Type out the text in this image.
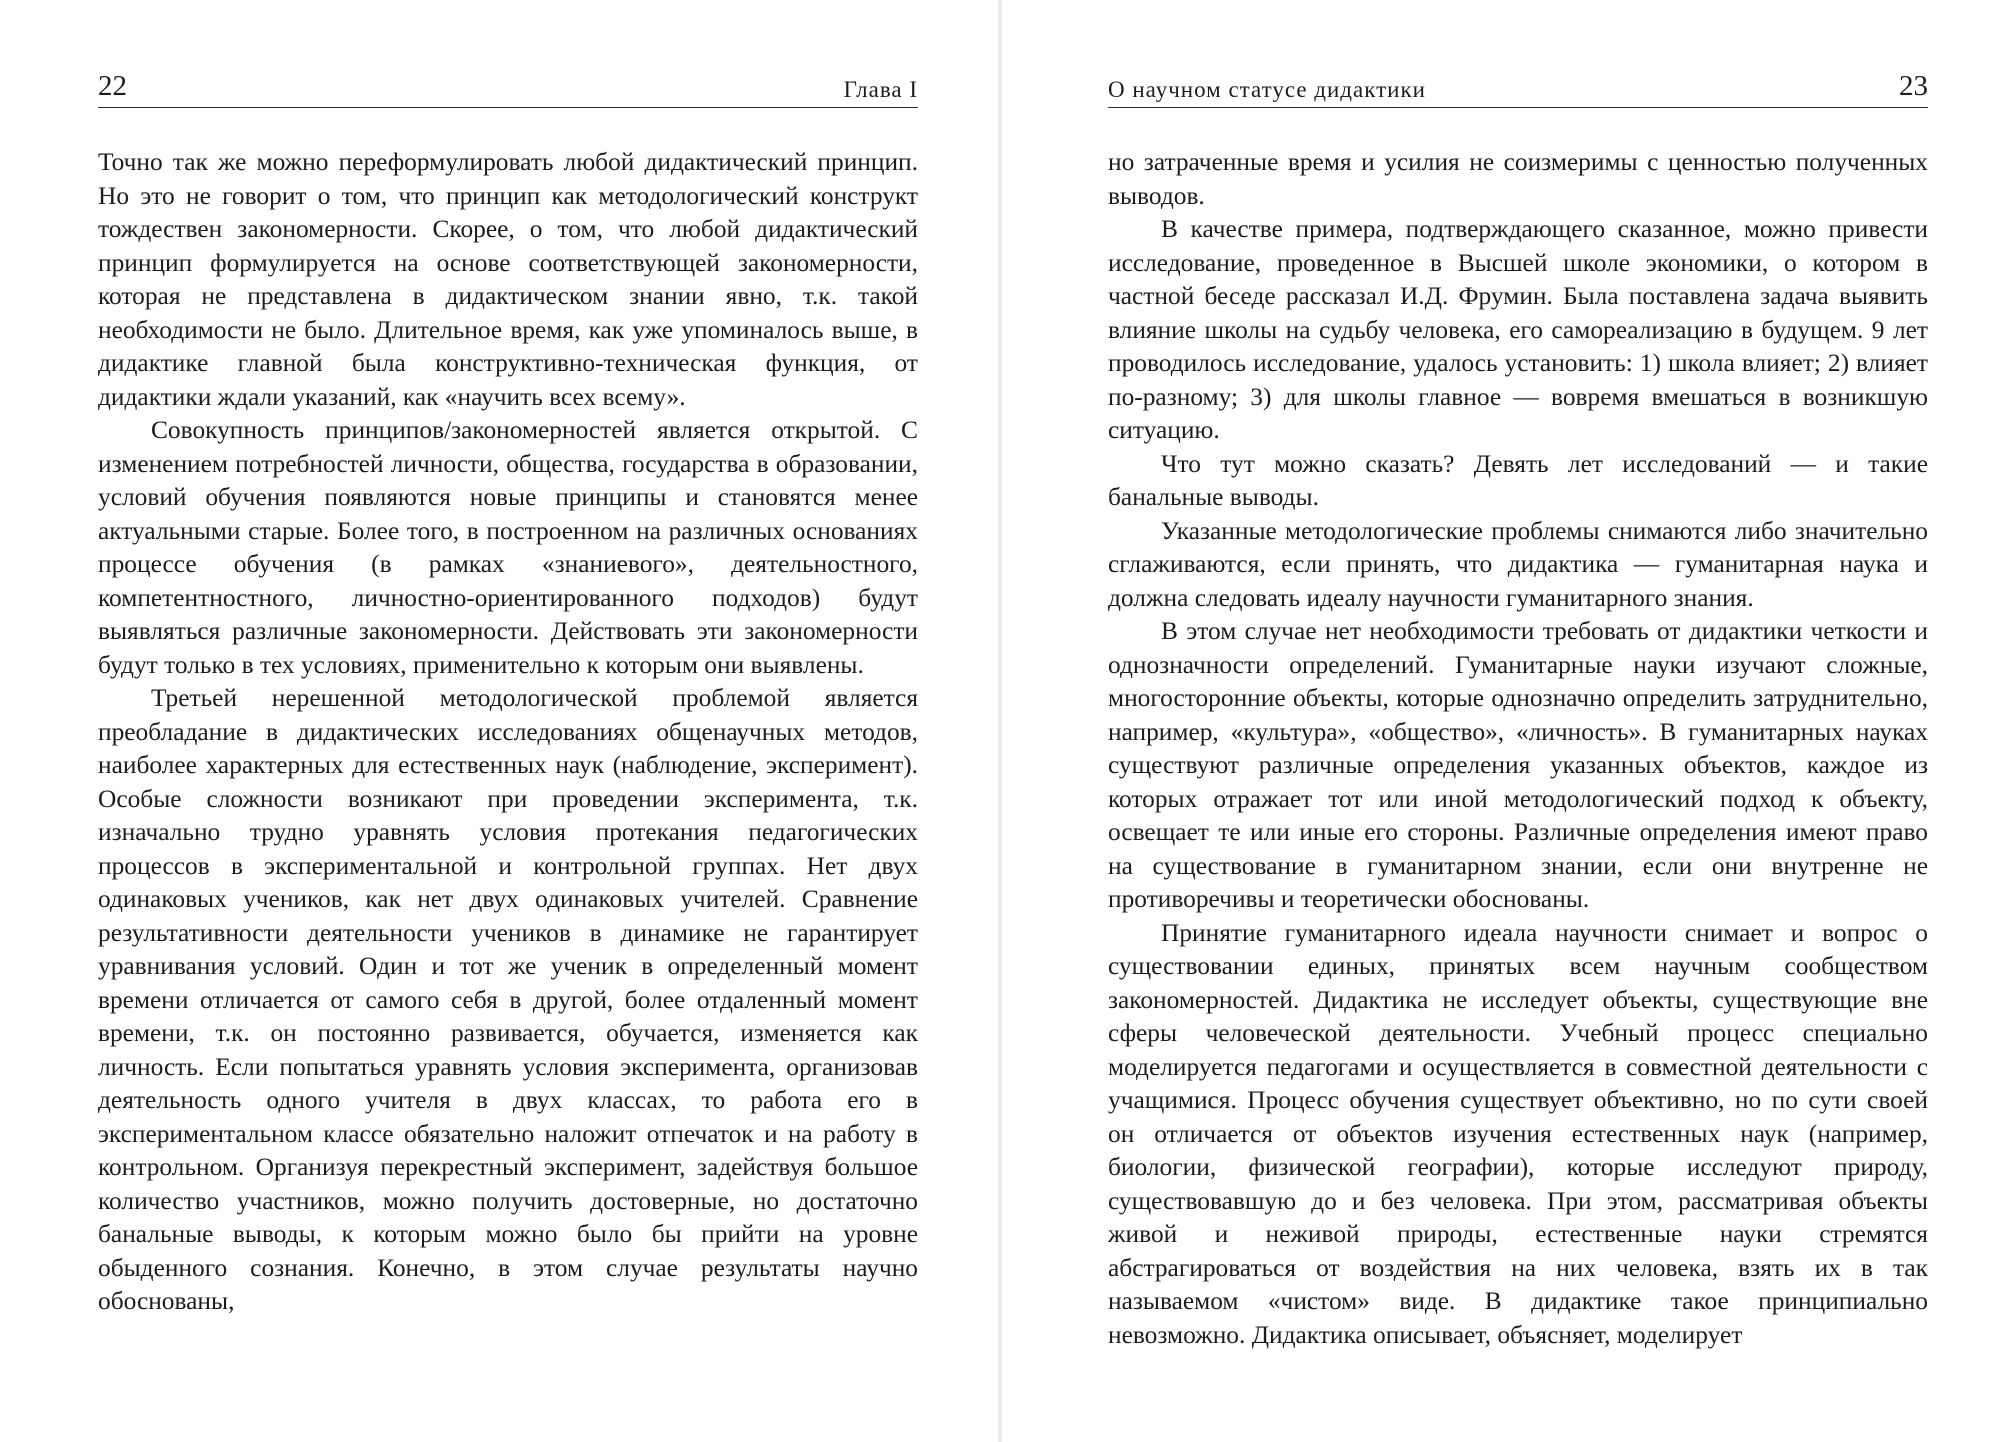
22	Глава I

Точно так же можно переформулировать любой дидактический принцип. Но это не говорит о том, что принцип как методологический конструкт тождествен закономерности. Скорее, о том, что любой дидактический принцип формулируется на основе соответствующей закономерности, которая не представлена в дидактическом знании явно, т.к. такой необходимости не было. Длительное время, как уже упоминалось выше, в дидактике главной была конструктивно-техническая функция, от дидактики ждали указаний, как «научить всех всему».

Совокупность принципов/закономерностей является открытой. С изменением потребностей личности, общества, государства в образовании, условий обучения появляются новые принципы и становятся менее актуальными старые. Более того, в построенном на различных основаниях процессе обучения (в рамках «знаниевого», деятельностного, компетентностного, личностно-ориентированного подходов) будут выявляться различные закономерности. Действовать эти закономерности будут только в тех условиях, применительно к которым они выявлены.

Третьей нерешенной методологической проблемой является преобладание в дидактических исследованиях общенаучных методов, наиболее характерных для естественных наук (наблюдение, эксперимент). Особые сложности возникают при проведении эксперимента, т.к. изначально трудно уравнять условия протекания педагогических процессов в экспериментальной и контрольной группах. Нет двух одинаковых учеников, как нет двух одинаковых учителей. Сравнение результативности деятельности учеников в динамике не гарантирует уравнивания условий. Один и тот же ученик в определенный момент времени отличается от самого себя в другой, более отдаленный момент времени, т.к. он постоянно развивается, обучается, изменяется как личность. Если попытаться уравнять условия эксперимента, организовав деятельность одного учителя в двух классах, то работа его в экспериментальном классе обязательно наложит отпечаток и на работу в контрольном. Организуя перекрестный эксперимент, задействуя большое количество участников, можно получить достоверные, но достаточно банальные выводы, к которым можно было бы прийти на уровне обыденного сознания. Конечно, в этом случае результаты научно обоснованы,

О научном статусе дидактики	23

но затраченные время и усилия не соизмеримы с ценностью полученных выводов.

В качестве примера, подтверждающего сказанное, можно привести исследование, проведенное в Высшей школе экономики, о котором в частной беседе рассказал И.Д. Фрумин. Была поставлена задача выявить влияние школы на судьбу человека, его самореализацию в будущем. 9 лет проводилось исследование, удалось установить: 1) школа влияет; 2) влияет по-разному; 3) для школы главное — вовремя вмешаться в возникшую ситуацию.

Что тут можно сказать? Девять лет исследований — и такие банальные выводы.

Указанные методологические проблемы снимаются либо значительно сглаживаются, если принять, что дидактика — гуманитарная наука и должна следовать идеалу научности гуманитарного знания.

В этом случае нет необходимости требовать от дидактики четкости и однозначности определений. Гуманитарные науки изучают сложные, многосторонние объекты, которые однозначно определить затруднительно, например, «культура», «общество», «личность». В гуманитарных науках существуют различные определения указанных объектов, каждое из которых отражает тот или иной методологический подход к объекту, освещает те или иные его стороны. Различные определения имеют право на существование в гуманитарном знании, если они внутренне не противоречивы и теоретически обоснованы.

Принятие гуманитарного идеала научности снимает и вопрос о существовании единых, принятых всем научным сообществом закономерностей. Дидактика не исследует объекты, существующие вне сферы человеческой деятельности. Учебный процесс специально моделируется педагогами и осуществляется в совместной деятельности с учащимися. Процесс обучения существует объективно, но по сути своей он отличается от объектов изучения естественных наук (например, биологии, физической географии), которые исследуют природу, существовавшую до и без человека. При этом, рассматривая объекты живой и неживой природы, естественные науки стремятся абстрагироваться от воздействия на них человека, взять их в так называемом «чистом» виде. В дидактике такое принципиально невозможно. Дидактика описывает, объясняет, моделирует
